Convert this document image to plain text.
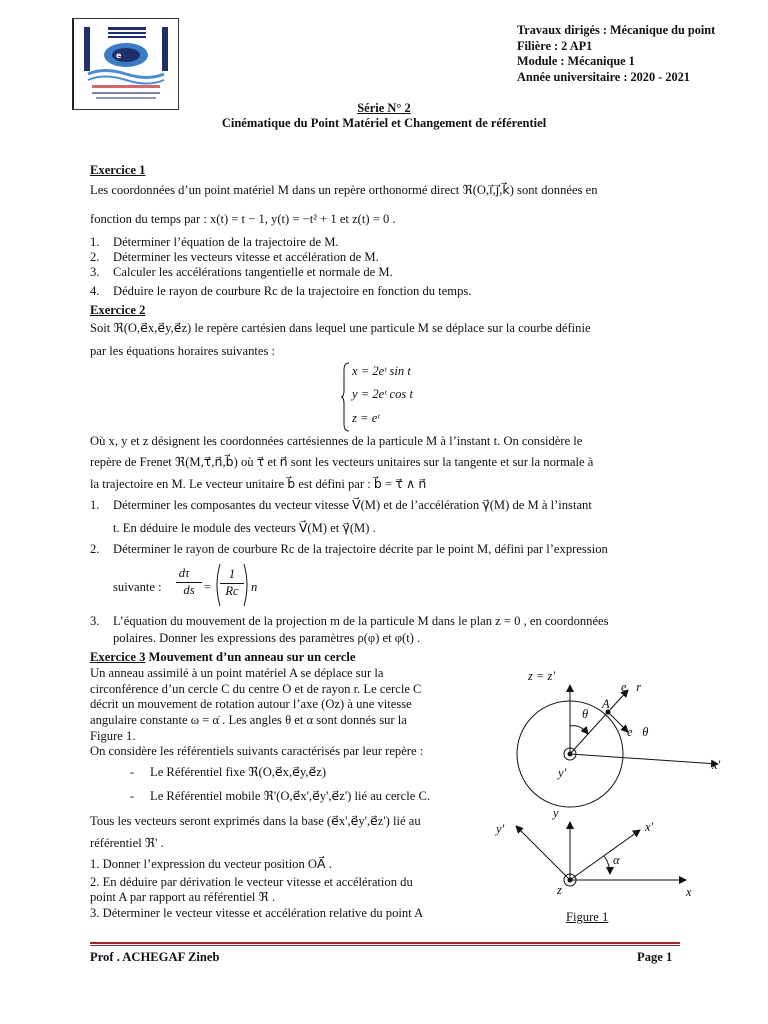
e
Travaux dirigés : Mécanique du point
Filière : 2 AP1
Module : Mécanique 1
Année universitaire : 2020 - 2021
Série N° 2
Cinématique du Point Matériel et Changement de référentiel
Exercice 1
Les coordonnées d’un point matériel M dans un repère orthonormé direct ℜ(O,i⃗,j⃗,k⃗) sont données en
fonction du temps par : x(t) = t − 1, y(t) = −t² + 1 et z(t) = 0 .
1. Déterminer l’équation de la trajectoire de M.
2. Déterminer les vecteurs vitesse et accélération de M.
3. Calculer les accélérations tangentielle et normale de M.
4. Déduire le rayon de courbure Rc de la trajectoire en fonction du temps.
Exercice 2
Soit ℜ(O,e⃗x,e⃗y,e⃗z) le repère cartésien dans lequel une particule M se déplace sur la courbe définie
par les équations horaires suivantes :
x = 2eᵗ sin t
y = 2eᵗ cos t
z = eᵗ
Où x, y et z désignent les coordonnées cartésiennes de la particule M à l’instant t. On considère le
repère de Frenet ℜ(M,τ⃗,n⃗,b⃗) où τ⃗ et n⃗ sont les vecteurs unitaires sur la tangente et sur la normale à
la trajectoire en M. Le vecteur unitaire b⃗ est défini par : b⃗ = τ⃗ ∧ n⃗
1. Déterminer les composantes du vecteur vitesse V⃗(M) et de l’accélération γ⃗(M) de M à l’instant
t. En déduire le module des vecteurs V⃗(M) et γ⃗(M) .
2. Déterminer le rayon de courbure Rc de la trajectoire décrite par le point M, défini par l’expression
suivante : $\frac{d\tau⃗}{ds} = \frac{1}{Rc}$ n⃗
3. L’équation du mouvement de la projection m de la particule M dans le plan z = 0 , en coordonnées
polaires. Donner les expressions des paramètres ρ(φ) et φ(t) .
Exercice 3 Mouvement d’un anneau sur un cercle
Un anneau assimilé à un point matériel A se déplace sur la
circonférence d’un cercle C du centre O et de rayon r. Le cercle C
décrit un mouvement de rotation autour l’axe (Oz) à une vitesse
angulaire constante ω = α̇ . Les angles θ et α sont donnés sur la
Figure 1.
On considère les référentiels suivants caractérisés par leur repère :
- Le Référentiel fixe ℜ(O,e⃗x,e⃗y,e⃗z)
- Le Référentiel mobile ℜ'(O,e⃗x',e⃗y',e⃗z') lié au cercle C.
Tous les vecteurs seront exprimés dans la base (e⃗x',e⃗y',e⃗z') lié au
référentiel ℜ' .
1. Donner l’expression du vecteur position OA⃗ .
2. En déduire par dérivation le vecteur vitesse et accélération du
point A par rapport au référentiel ℜ .
3. Déterminer le vecteur vitesse et accélération relative du point A
z = z'
e⃗r
A
θ
e⃗θ
y'
x'
y
y'	x'
α
z	x
Figure 1
Prof . ACHEGAF Zineb	Page 1
